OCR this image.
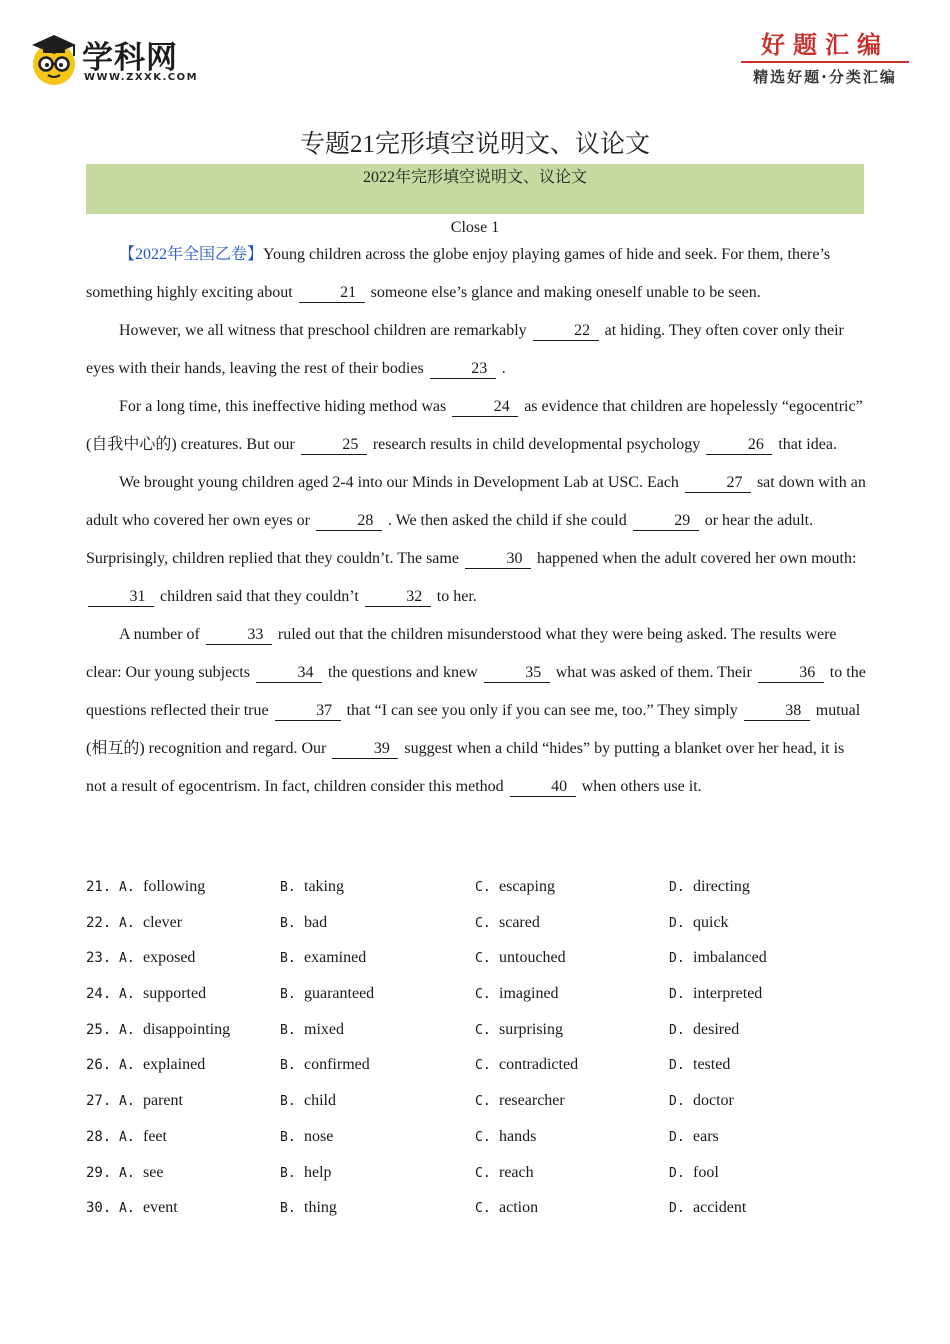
学科网
WWW.ZXXK.COM
好题汇编
精选好题·分类汇编
专题21完形填空说明文、议论文
2022年完形填空说明文、议论文
Close 1

【2022年全国乙卷】Young children across the globe enjoy playing games of hide and seek. For them, there’s something highly exciting about	21 someone else’s glance and making oneself unable to be seen.

However, we all witness that preschool children are remarkably	22 at hiding. They often cover only their eyes with their hands, leaving the rest of their bodies	23 .

For a long time, this ineffective hiding method was	24 as evidence that children are hopelessly “egocentric” (自我中心的) creatures. But our	25 research results in child developmental psychology	26 that idea.

We brought young children aged 2-4 into our Minds in Development Lab at USC. Each	27 sat down with an adult who covered her own eyes or	28 . We then asked the child if she could	29 or hear the adult. Surprisingly, children replied that they couldn’t. The same	30 happened when the adult covered her own mouth: 31 children said that they couldn’t	32 to her.

A number of	33 ruled out that the children misunderstood what they were being asked. The results were clear: Our young subjects	34 the questions and knew	35 what was asked of them. Their	36 to the questions reflected their true	37 that “I can see you only if you can see me, too.” They simply	38 mutual (相互的) recognition and regard. Our	39 suggest when a child “hides” by putting a blanket over her head, it is not a result of egocentrism. In fact, children consider this method	40 when others use it.

21. A. following	B. taking	C. escaping	D. directing
22. A. clever	B. bad	C. scared	D. quick
23. A. exposed	B. examined	C. untouched	D. imbalanced
24. A. supported	B. guaranteed	C. imagined	D. interpreted
25. A. disappointing	B. mixed	C. surprising	D. desired
26. A. explained	B. confirmed	C. contradicted	D. tested
27. A. parent	B. child	C. researcher	D. doctor
28. A. feet	B. nose	C. hands	D. ears
29. A. see	B. help	C. reach	D. fool
30. A. event	B. thing	C. action	D. accident
